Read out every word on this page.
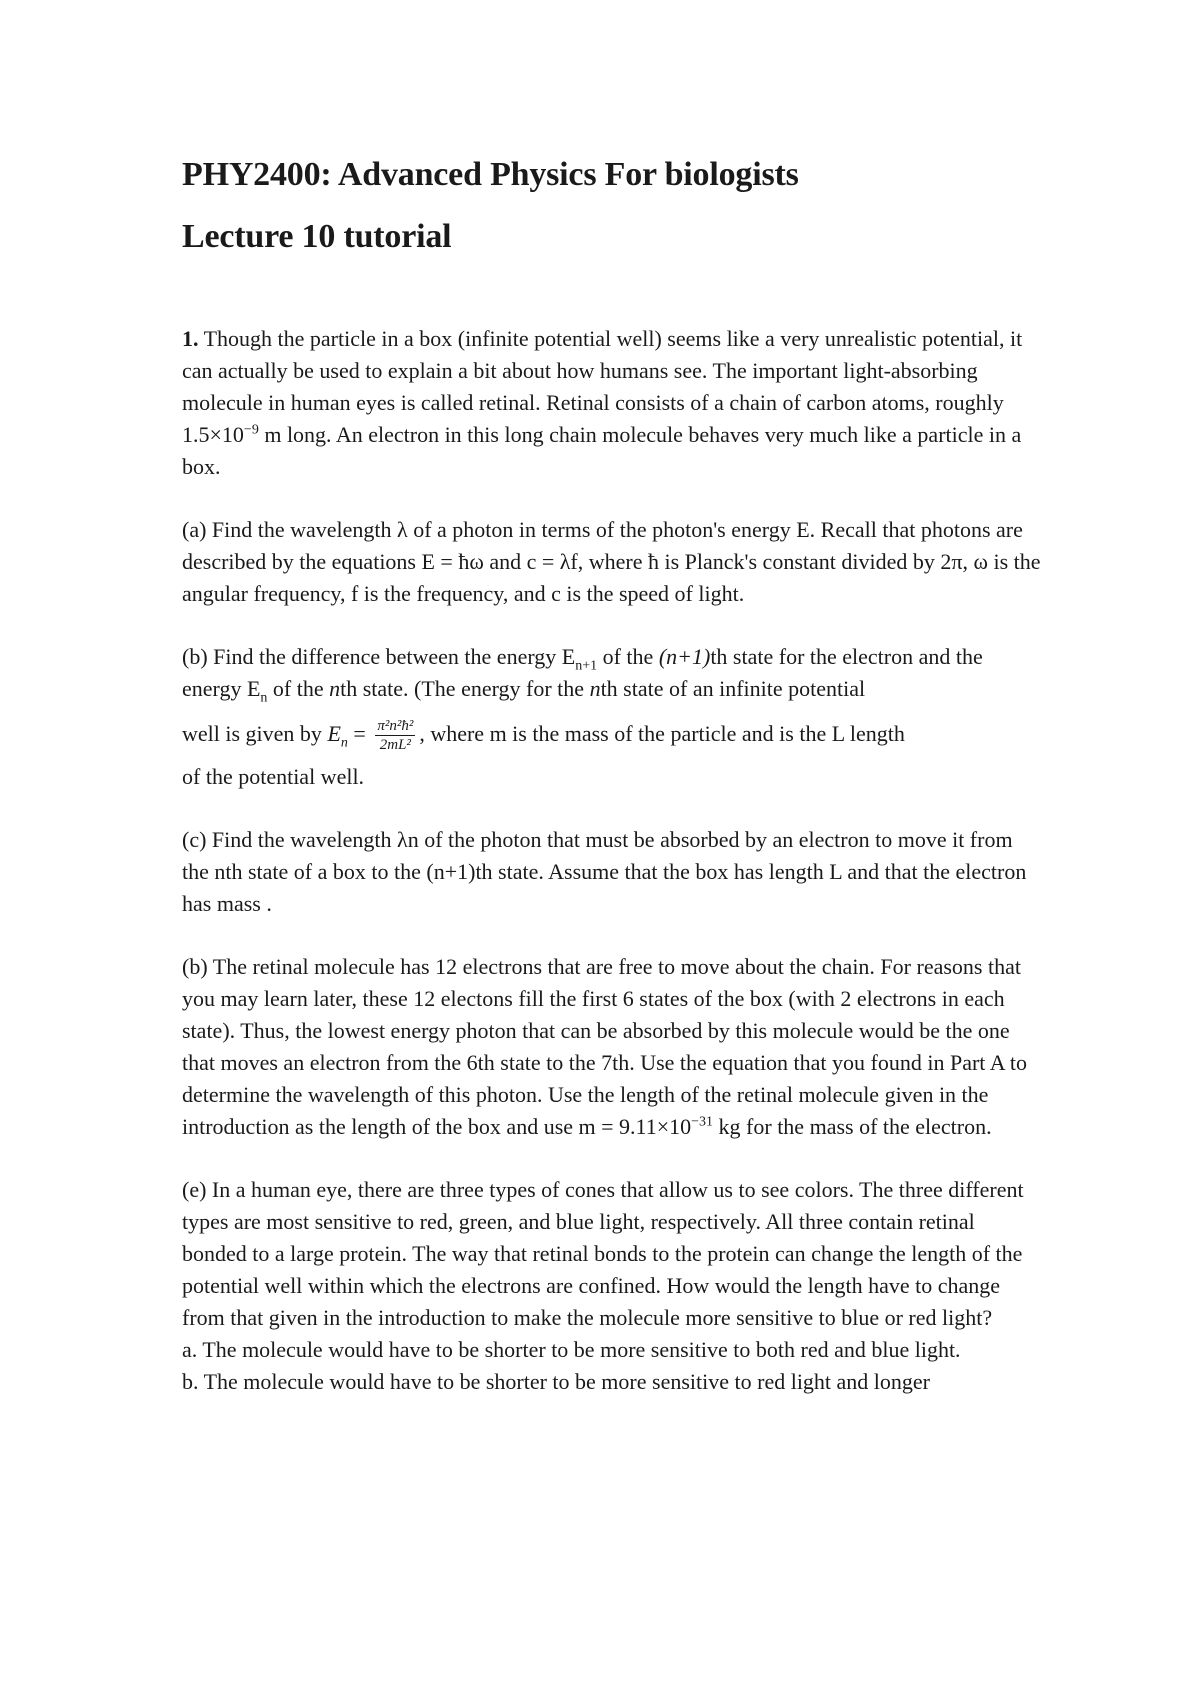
PHY2400: Advanced Physics For biologists
Lecture 10 tutorial

1. Though the particle in a box (infinite potential well) seems like a very unrealistic potential, it can actually be used to explain a bit about how humans see. The important light-absorbing molecule in human eyes is called retinal. Retinal consists of a chain of carbon atoms, roughly $1.5\times 10^{-9}$ m long. An electron in this long chain molecule behaves very much like a particle in a box.

(a) Find the wavelength λ of a photon in terms of the photon's energy E. Recall that photons are described by the equations E = ħω and c = λf, where ħ is Planck's constant divided by 2π, ω is the angular frequency, f is the frequency, and c is the speed of light.

(b) Find the difference between the energy $E_{n+1}$ of the (n+1)th state for the electron and the energy $E_n$ of the nth state. (The energy for the nth state of an infinite potential

well is given by $E_n = \frac{\text{π²n²ħ²}}{\text{2mL²}}$ , where m is the mass of the particle and is the L length

of the potential well.

(c) Find the wavelength λn of the photon that must be absorbed by an electron to move it from the nth state of a box to the (n+1)th state. Assume that the box has length L and that the electron has mass .

(b) The retinal molecule has 12 electrons that are free to move about the chain. For reasons that you may learn later, these 12 electons fill the first 6 states of the box (with 2 electrons in each state). Thus, the lowest energy photon that can be absorbed by this molecule would be the one that moves an electron from the 6th state to the 7th. Use the equation that you found in Part A to determine the wavelength of this photon. Use the length of the retinal molecule given in the introduction as the length of the box and use $m = 9.11\times 10^{-31}$ kg for the mass of the electron.

(e) In a human eye, there are three types of cones that allow us to see colors. The three different types are most sensitive to red, green, and blue light, respectively. All three contain retinal bonded to a large protein. The way that retinal bonds to the protein can change the length of the potential well within which the electrons are confined. How would the length have to change from that given in the introduction to make the molecule more sensitive to blue or red light?

a. The molecule would have to be shorter to be more sensitive to both red and blue light.

b. The molecule would have to be shorter to be more sensitive to red light and longer
